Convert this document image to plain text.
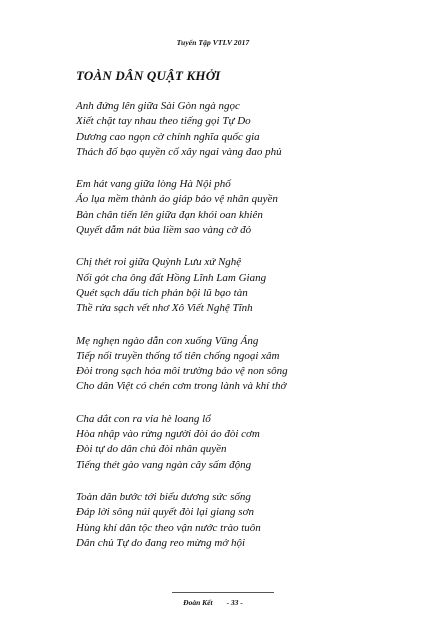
Tuyển Tập VTLV 2017
TOÀN DÂN QUẬT KHỞI
Anh đứng lên giữa Sài Gòn ngà ngọc
Xiết chặt tay nhau theo tiếng gọi Tự Do
Dương cao ngọn cờ chính nghĩa quốc gia
Thách đố bạo quyền cố xây ngai vàng đao phủ
Em hát vang giữa lòng Hà Nội phố
Áo lụa mềm thành áo giáp bảo vệ nhân quyền
Bàn chân tiến lên giữa đạn khói oan khiên
Quyết dẫm nát búa liềm sao vàng cờ đỏ
Chị thét roi giữa Quỳnh Lưu xứ Nghệ
Nối gót cha ông đất Hồng Lĩnh Lam Giang
Quét sạch dấu tích phản bội lũ bạo tàn
Thề rửa sạch vết nhơ Xô Viết Nghệ Tĩnh
Mẹ nghẹn ngào dẫn con xuống Vũng Áng
Tiếp nối truyền thống tổ tiên chống ngoại xâm
Đòi trong sạch hóa môi trường bảo vệ non sông
Cho dân Việt có chén cơm trong lành và khí thở
Cha dắt con ra vỉa hè loang lổ
Hòa nhập vào rừng người đòi áo đòi cơm
Đòi tự do dân chủ đòi nhân quyền
Tiếng thét gào vang ngàn cây sấm động
Toàn dân bước tới biểu dương sức sống
Đáp lời sông núi quyết đòi lại giang sơn
Hùng khí dân tộc theo vận nước trào tuôn
Dân chủ Tự do đang reo mừng mở hội
Đoàn Kết - 33 -
